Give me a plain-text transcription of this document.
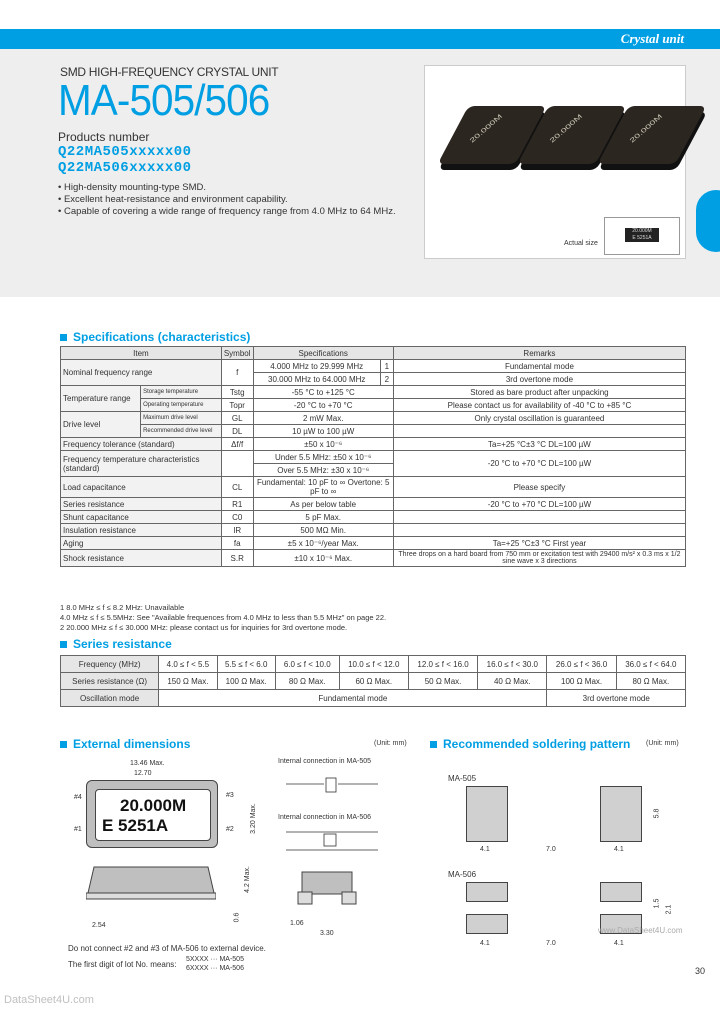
Crystal unit
SMD HIGH-FREQUENCY CRYSTAL UNIT
MA-505/506
Products number
Q22MA505xxxxx00
Q22MA506xxxxx00
• High-density mounting-type SMD.
• Excellent heat-resistance and environment capability.
• Capable of covering a wide range of frequency range from 4.0 MHz to 64 MHz.
20.000M	20.000M	20.000M
Actual size
20.000M
E 5251A
Specifications (characteristics)
Item		Symbol	Specifications		Remarks
Nominal frequency range		f	4.000 MHz to 29.999 MHz	1	Fundamental mode
			30.000 MHz to 64.000 MHz	2	3rd overtone mode
Temperature range	Storage temperature	Tstg	-55 °C to +125 °C		Stored as bare product after unpacking
	Operating temperature	Topr	-20 °C to +70 °C		Please contact us for availability of -40 °C to +85 °C
Drive level	Maximum drive level	GL	2 mW Max.		Only crystal oscillation is guaranteed
	Recommended drive level	DL	10 µW to 100 µW		
Frequency tolerance (standard)		Δf/f	±50 x 10⁻⁶		Ta=+25 °C±3 °C DL=100 µW
Frequency temperature characteristics (standard)			Under 5.5 MHz: ±50 x 10⁻⁶		-20 °C to +70 °C DL=100 µW
			Over 5.5 MHz: ±30 x 10⁻⁶		
Load capacitance		CL	Fundamental: 10 pF to ∞ Overtone: 5 pF to ∞		Please specify
Series resistance		R1	As per below table		-20 °C to +70 °C DL=100 µW
Shunt capacitance		C0	5 pF Max.		
Insulation resistance		IR	500 MΩ Min.		
Aging		fa	±5 x 10⁻⁶/year Max.		Ta=+25 °C±3 °C First year
Shock resistance		S.R	±10 x 10⁻⁶ Max.		Three drops on a hard board from 750 mm or excitation test with 29400 m/s² x 0.3 ms x 1/2 sine wave x 3 directions
1 8.0 MHz ≤ f ≤ 8.2 MHz: Unavailable
4.0 MHz ≤ f ≤ 5.5MHz: See "Available frequences from 4.0 MHz to less than 5.5 MHz" on page 22.
2 20.000 MHz ≤ f ≤ 30.000 MHz: please contact us for inquiries for 3rd overtone mode.
Series resistance
Frequency (MHz)	4.0 ≤ f < 5.5	5.5 ≤ f < 6.0	6.0 ≤ f < 10.0	10.0 ≤ f < 12.0	12.0 ≤ f < 16.0	16.0 ≤ f < 30.0	26.0 ≤ f < 36.0	36.0 ≤ f < 64.0
Series resistance (Ω)	150 Ω Max.	100 Ω Max.	80 Ω Max.	60 Ω Max.	50 Ω Max.	40 Ω Max.	100 Ω Max.	80 Ω Max.
Oscillation mode	Fundamental mode						3rd overtone mode	
External dimensions	(Unit: mm)	Recommended soldering pattern (Unit: mm)
13.46 Max.
12.70
#4	#3
#1	#2 3.20 Max.
20.000M
E 5251A
4.2 Max.
2.54
0.6
Internal connection in MA-505
Internal connection in MA-506
1.06
3.30
Do not connect #2 and #3 of MA-506 to external device.
The first digit of lot No. means:
5XXXX ··· MA-505
6XXXX ··· MA-506
MA-505
4.1	7.0	4.1
5.8
MA-506
1.5
2.1
4.1	7.0	4.1
www.DataSheet4U.com
30
DataSheet4U.com
